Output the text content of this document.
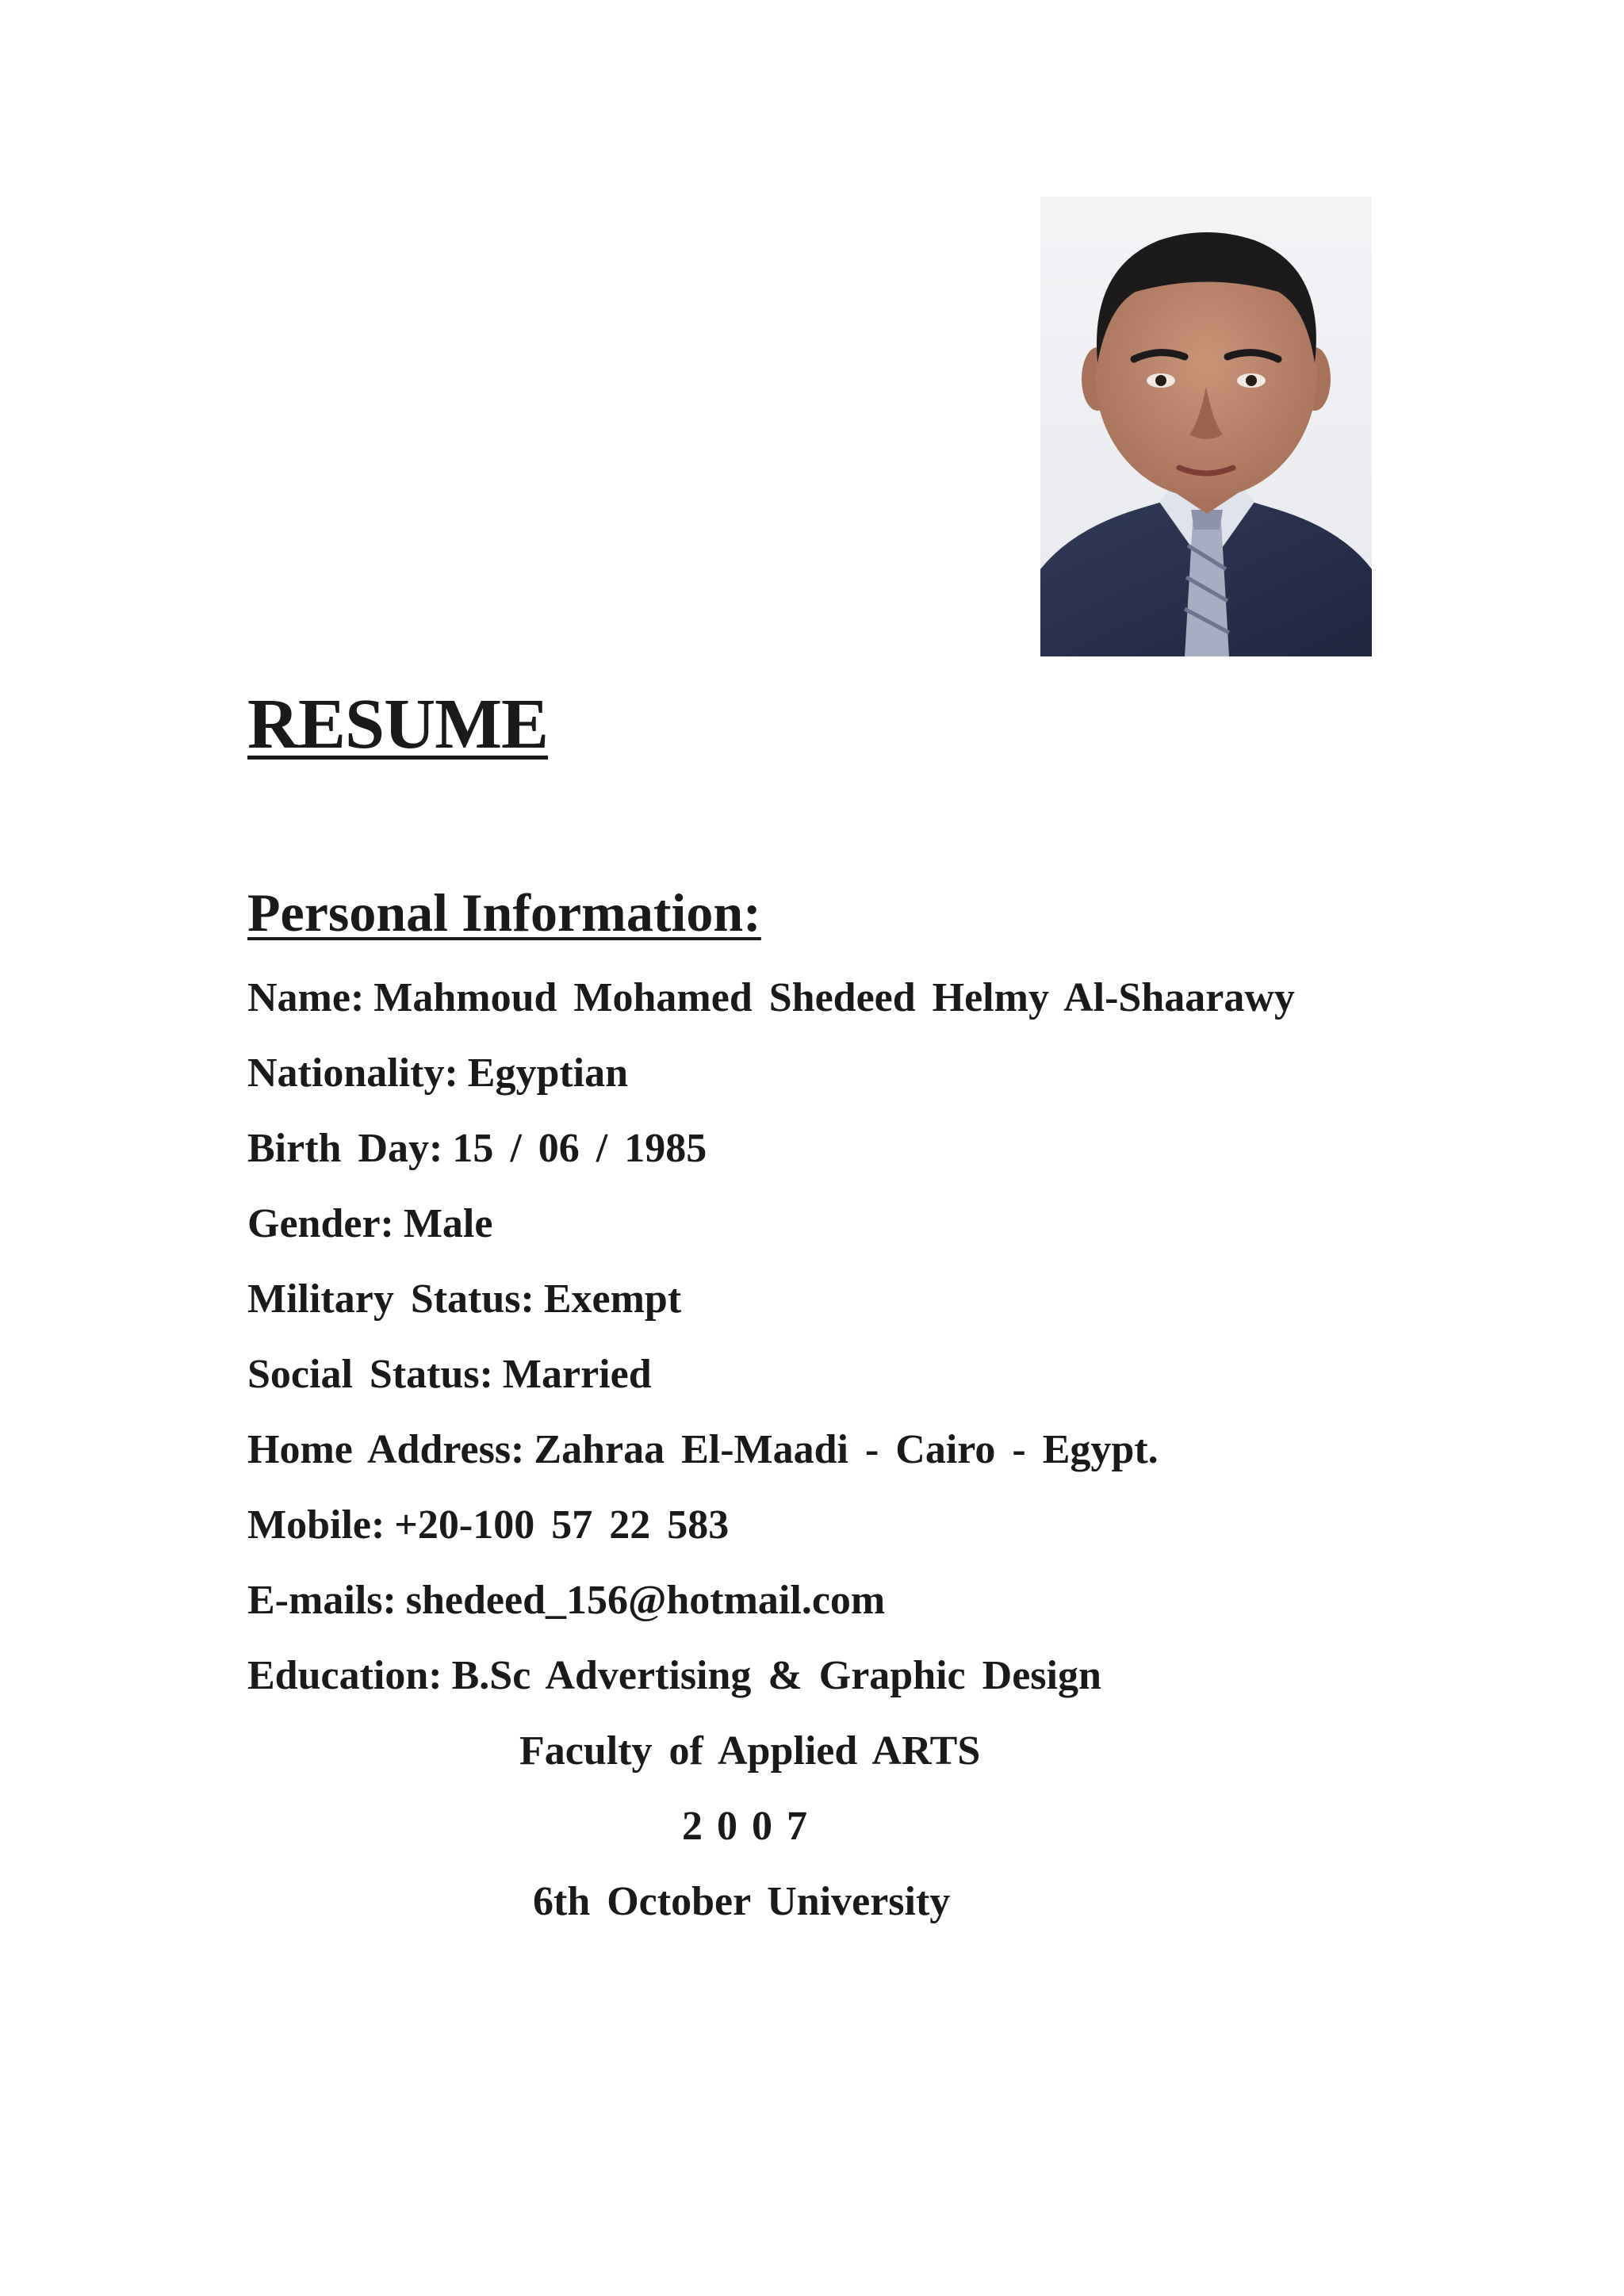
RESUME
Personal Information:
Name: Mahmoud Mohamed Shedeed Helmy Al-Shaarawy
Nationality: Egyptian
Birth Day: 15 / 06 / 1985
Gender: Male
Military Status: Exempt
Social Status: Married
Home Address: Zahraa El-Maadi - Cairo - Egypt.
Mobile: +20-100 57 22 583
E-mails: shedeed_156@hotmail.com
Education: B.Sc Advertising & Graphic Design
Faculty of Applied ARTS
2007
6th October University
